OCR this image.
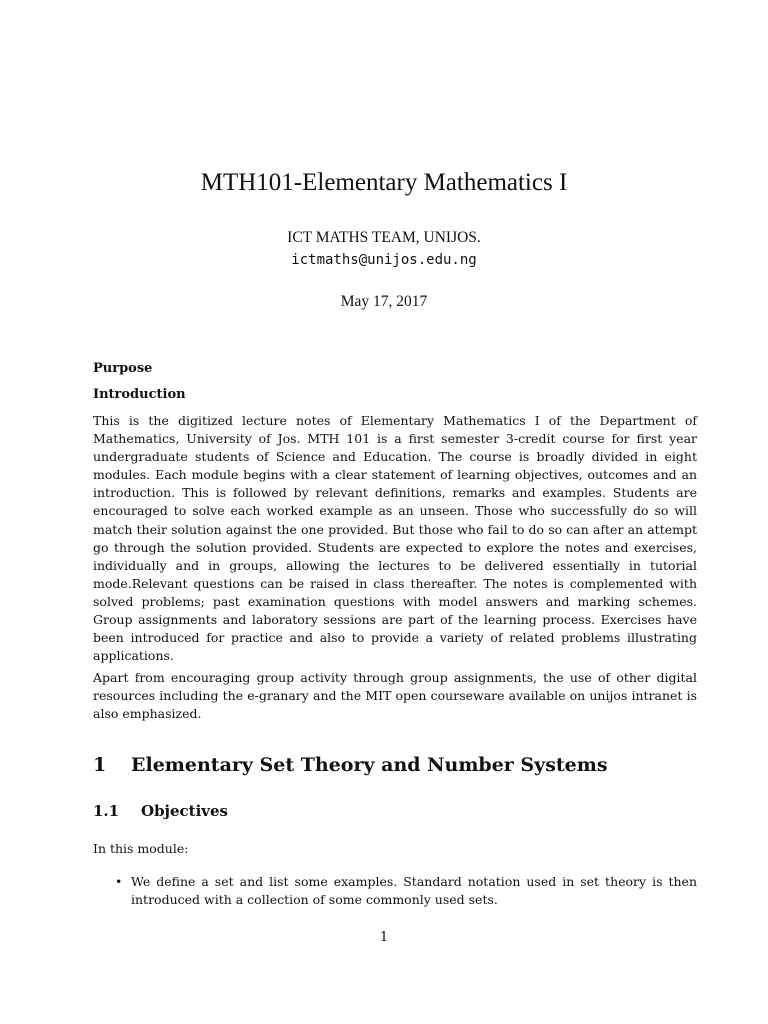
MTH101-Elementary Mathematics I
ICT MATHS TEAM, UNIJOS.
ictmaths@unijos.edu.ng
May 17, 2017
Purpose
Introduction

This is the digitized lecture notes of Elementary Mathematics I of the Department of Mathematics, University of Jos. MTH 101 is a first semester 3-credit course for first year undergraduate students of Science and Education. The course is broadly divided in eight modules. Each module begins with a clear statement of learning objectives, outcomes and an introduction. This is followed by relevant definitions, remarks and examples. Students are encouraged to solve each worked example as an unseen. Those who successfully do so will match their solution against the one provided. But those who fail to do so can after an attempt go through the solution provided. Students are expected to explore the notes and exercises, individually and in groups, allowing the lectures to be delivered essentially in tutorial mode.Relevant questions can be raised in class thereafter. The notes is complemented with solved problems; past examination questions with model answers and marking schemes. Group assignments and laboratory sessions are part of the learning process. Exercises have been introduced for practice and also to provide a variety of related problems illustrating applications.

Apart from encouraging group activity through group assignments, the use of other digital resources including the e-granary and the MIT open courseware available on unijos intranet is also emphasized.

1 Elementary Set Theory and Number Systems
1.1 Objectives

In this module:

• We define a set and list some examples. Standard notation used in set theory is then introduced with a collection of some commonly used sets.
1
